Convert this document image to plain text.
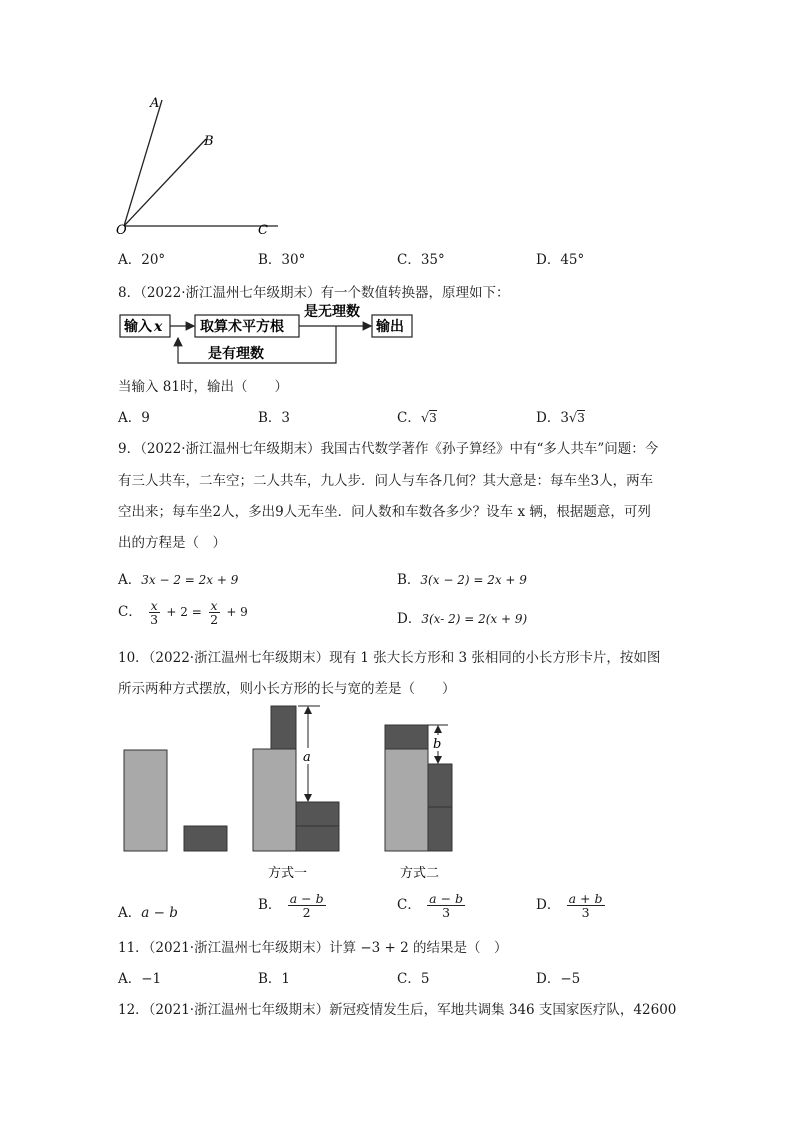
A
B
O	C
A．20°	B．30°	C．35°	D．45°
8．（2022·浙江温州七年级期末）有一个数值转换器，原理如下：
输入 x	取算术平方根
是无理数
输出
是有理数
当输入 81时，输出（　　）
A．9	B．3	C．√3	D．3√3
9．（2022·浙江温州七年级期末）我国古代数学著作《孙子算经》中有“多人共车”问题：今
有三人共车，二车空；二人共车，九人步．问人与车各几何？其大意是：每车坐3人，两车
空出来；每车坐2人，多出9人无车坐．问人数和车数各多少？设车 x 辆，根据题意，可列
出的方程是（　）
A．3x − 2 = 2x + 9	B．3(x − 2) = 2x + 9
C． $\frac{x}{3} + 2 = \frac{x}{2} + 9$	D．3(x- 2) = 2(x + 9)
10．（2022·浙江温州七年级期末）现有 1 张大长方形和 3 张相同的小长方形卡片，按如图
所示两种方式摆放，则小长方形的长与宽的差是（　　）
a
b
方式一	方式二
A．a − b	B． $\frac{a - b}{2}$	C． $\frac{a - b}{3}$	D． $\frac{a + b}{3}$
11．（2021·浙江温州七年级期末）计算 −3 + 2 的结果是（　）
A．−1	B．1	C．5	D．−5
12．（2021·浙江温州七年级期末）新冠疫情发生后，军地共调集 346 支国家医疗队，42600
